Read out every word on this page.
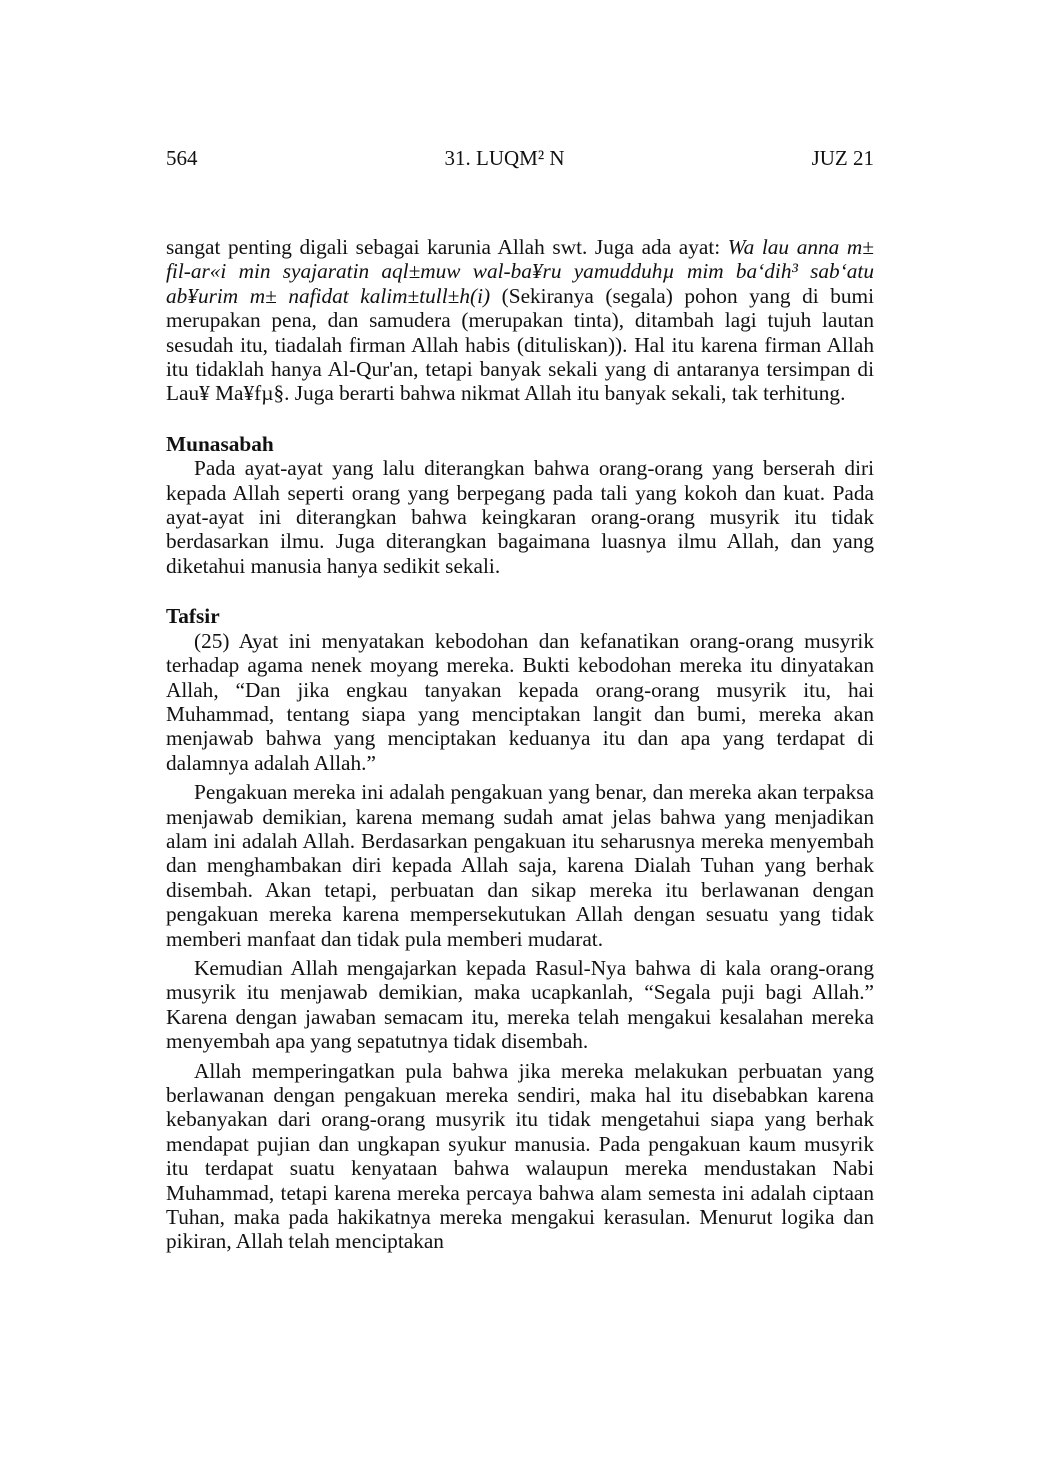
564	31. LUQM² N	JUZ 21

sangat penting digali sebagai karunia Allah swt. Juga ada ayat: Wa lau anna m± fil-ar«i min syajaratin aql±muw wal-ba¥ru yamudduhµ mim ba‘dih³ sab‘atu ab¥urim m± nafidat kalim±tull±h(i) (Sekiranya (segala) pohon yang di bumi merupakan pena, dan samudera (merupakan tinta), ditambah lagi tujuh lautan sesudah itu, tiadalah firman Allah habis (dituliskan)). Hal itu karena firman Allah itu tidaklah hanya Al-Qur'an, tetapi banyak sekali yang di antaranya tersimpan di Lau¥ Ma¥fµ§. Juga berarti bahwa nikmat Allah itu banyak sekali, tak terhitung.

Munasabah

Pada ayat-ayat yang lalu diterangkan bahwa orang-orang yang berserah diri kepada Allah seperti orang yang berpegang pada tali yang kokoh dan kuat. Pada ayat-ayat ini diterangkan bahwa keingkaran orang-orang musyrik itu tidak berdasarkan ilmu. Juga diterangkan bagaimana luasnya ilmu Allah, dan yang diketahui manusia hanya sedikit sekali.

Tafsir

(25) Ayat ini menyatakan kebodohan dan kefanatikan orang-orang musyrik terhadap agama nenek moyang mereka. Bukti kebodohan mereka itu dinyatakan Allah, “Dan jika engkau tanyakan kepada orang-orang musyrik itu, hai Muhammad, tentang siapa yang menciptakan langit dan bumi, mereka akan menjawab bahwa yang menciptakan keduanya itu dan apa yang terdapat di dalamnya adalah Allah.”

Pengakuan mereka ini adalah pengakuan yang benar, dan mereka akan terpaksa menjawab demikian, karena memang sudah amat jelas bahwa yang menjadikan alam ini adalah Allah. Berdasarkan pengakuan itu seharusnya mereka menyembah dan menghambakan diri kepada Allah saja, karena Dialah Tuhan yang berhak disembah. Akan tetapi, perbuatan dan sikap mereka itu berlawanan dengan pengakuan mereka karena mempersekutukan Allah dengan sesuatu yang tidak memberi manfaat dan tidak pula memberi mudarat.

Kemudian Allah mengajarkan kepada Rasul-Nya bahwa di kala orang-orang musyrik itu menjawab demikian, maka ucapkanlah, “Segala puji bagi Allah.” Karena dengan jawaban semacam itu, mereka telah mengakui kesalahan mereka menyembah apa yang sepatutnya tidak disembah.

Allah memperingatkan pula bahwa jika mereka melakukan perbuatan yang berlawanan dengan pengakuan mereka sendiri, maka hal itu disebabkan karena kebanyakan dari orang-orang musyrik itu tidak mengetahui siapa yang berhak mendapat pujian dan ungkapan syukur manusia. Pada pengakuan kaum musyrik itu terdapat suatu kenyataan bahwa walaupun mereka mendustakan Nabi Muhammad, tetapi karena mereka percaya bahwa alam semesta ini adalah ciptaan Tuhan, maka pada hakikatnya mereka mengakui kerasulan. Menurut logika dan pikiran, Allah telah menciptakan
